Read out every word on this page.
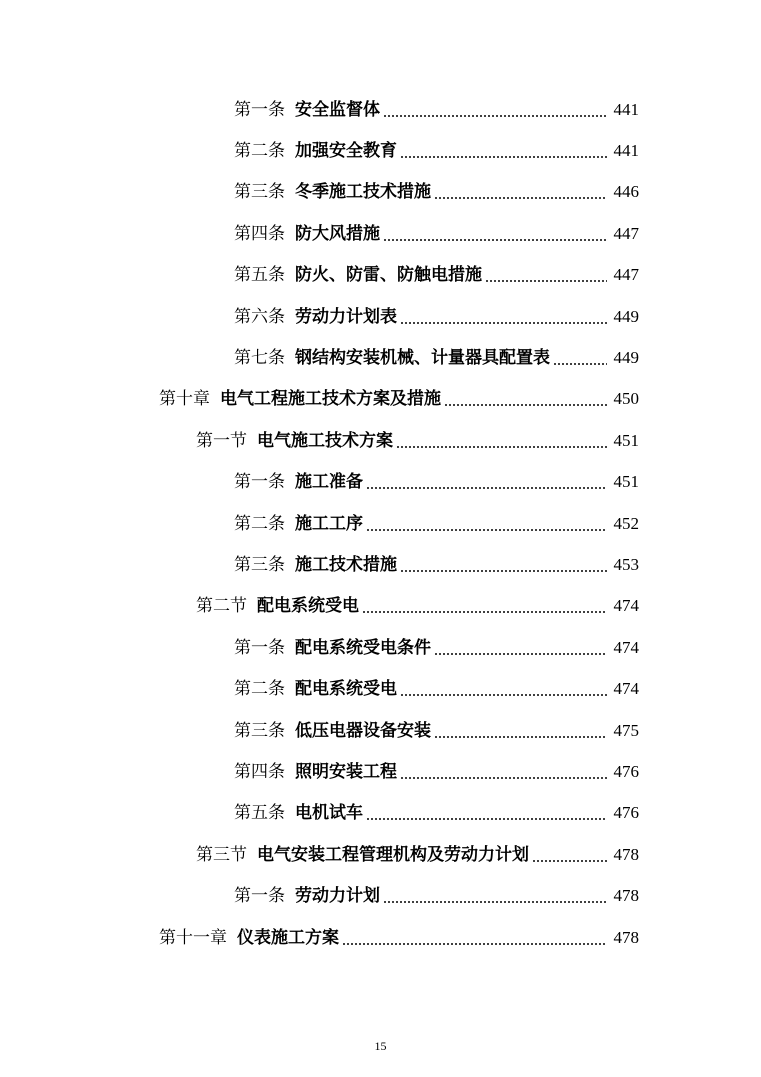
第一条 安全监督体	441
第二条 加强安全教育	441
第三条 冬季施工技术措施	446
第四条 防大风措施	447
第五条 防火、防雷、防触电措施	447
第六条 劳动力计划表	449
第七条 钢结构安装机械、计量器具配置表	449
第十章 电气工程施工技术方案及措施	450
第一节 电气施工技术方案	451
第一条 施工准备	451
第二条 施工工序	452
第三条 施工技术措施	453
第二节 配电系统受电	474
第一条 配电系统受电条件	474
第二条 配电系统受电	474
第三条 低压电器设备安装	475
第四条 照明安装工程	476
第五条 电机试车	476
第三节 电气安装工程管理机构及劳动力计划	478
第一条 劳动力计划	478
第十一章 仪表施工方案	478
15
